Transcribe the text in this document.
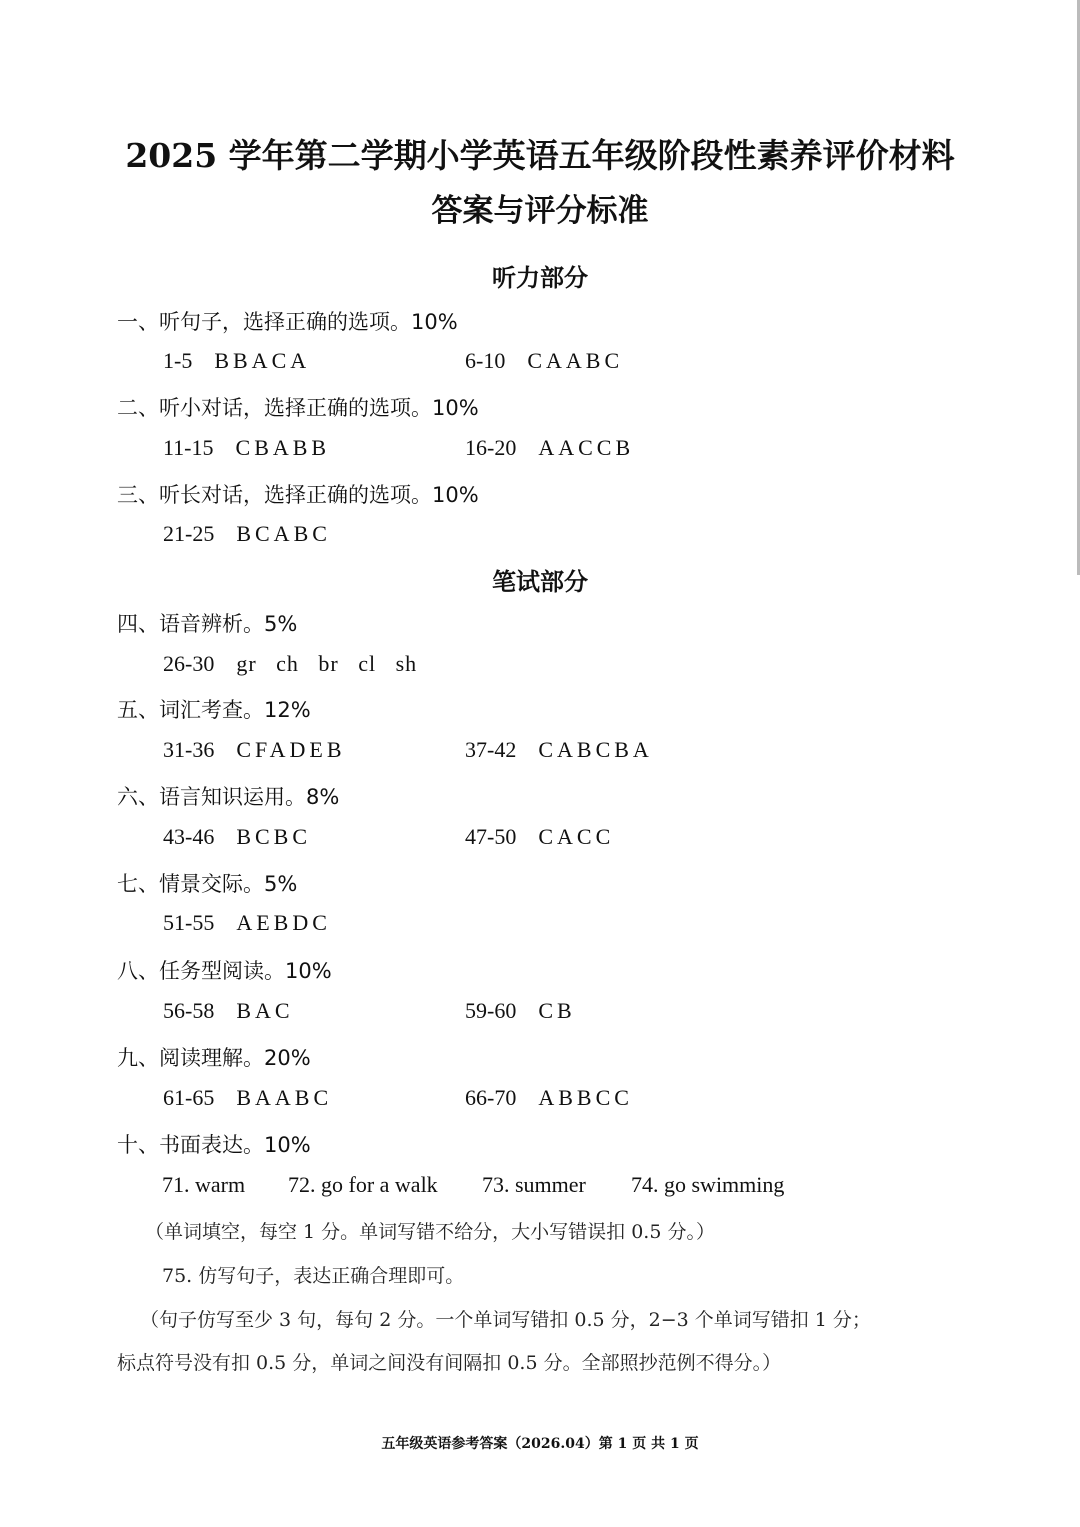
2025 学年第二学期小学英语五年级阶段性素养评价材料
答案与评分标准
听力部分
一、听句子，选择正确的选项。10%
1-5 BBACA	6-10 CAABC
二、听小对话，选择正确的选项。10%
11-15 CBABB	16-20 AACCB
三、听长对话，选择正确的选项。10%
21-25 BCABC
笔试部分
四、语音辨析。5%
26-30 gr   ch   br   cl   sh
五、词汇考查。12%
31-36 CFADEB	37-42 CABCBA
六、语言知识运用。8%
43-46 BCBC	47-50 CACC
七、情景交际。5%
51-55 AEBDC
八、任务型阅读。10%
56-58 BAC	59-60 CB
九、阅读理解。20%
61-65 BAABC	66-70 ABBCC
十、书面表达。10%
71. warm 72. go for a walk 73. summer 74. go swimming
（单词填空，每空 1 分。单词写错不给分，大小写错误扣 0.5 分。）
75. 仿写句子，表达正确合理即可。
（句子仿写至少 3 句，每句 2 分。一个单词写错扣 0.5 分，2−3 个单词写错扣 1 分；
标点符号没有扣 0.5 分，单词之间没有间隔扣 0.5 分。全部照抄范例不得分。）
五年级英语参考答案（2026.04）第 1 页 共 1 页
